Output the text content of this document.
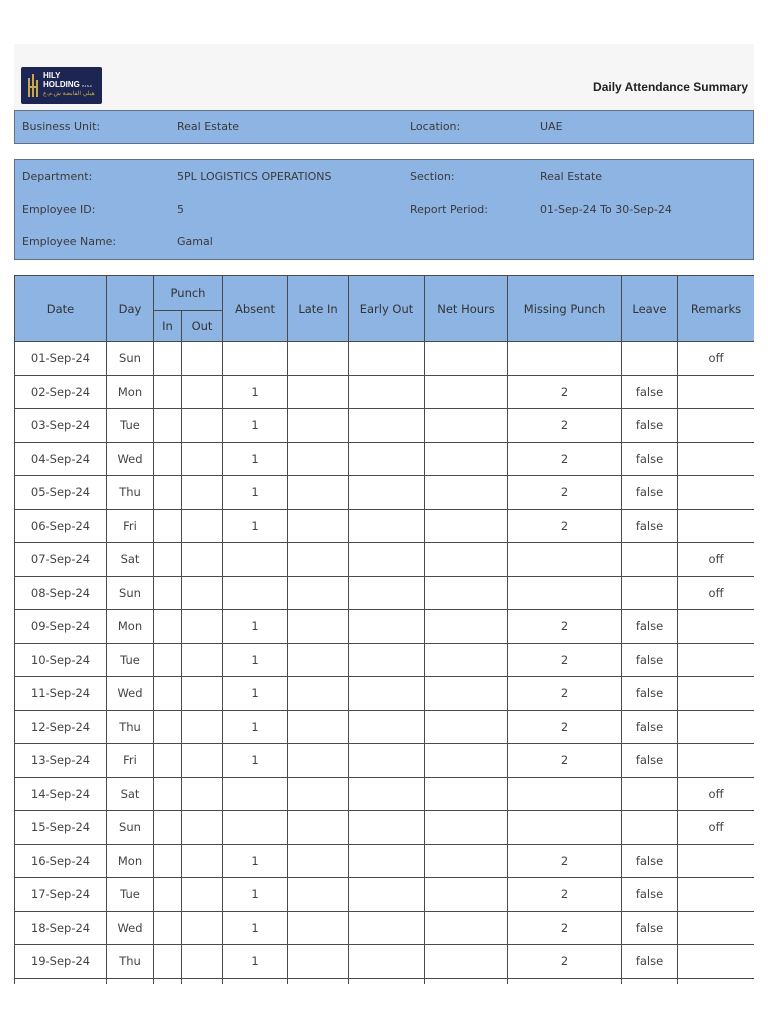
HILY
HOLDING P.J.S.C
هيلي القابضة ش.م.ع	Daily Attendance Summary
Business Unit:	Real Estate	Location:	UAE
Department:	5PL LOGISTICS OPERATIONS	Section:	Real Estate
Employee ID:	5	Report Period:	01-Sep-24 To 30-Sep-24
Employee Name:	Gamal
Date	Day	Punch		Absent	Late In	Early Out	Net Hours	Missing Punch	Leave	Remarks
		In	Out							
01-Sep-24	Sun									off
02-Sep-24	Mon			1				2	false	
03-Sep-24	Tue			1				2	false	
04-Sep-24	Wed			1				2	false	
05-Sep-24	Thu			1				2	false	
06-Sep-24	Fri			1				2	false	
07-Sep-24	Sat									off
08-Sep-24	Sun									off
09-Sep-24	Mon			1				2	false	
10-Sep-24	Tue			1				2	false	
11-Sep-24	Wed			1				2	false	
12-Sep-24	Thu			1				2	false	
13-Sep-24	Fri			1				2	false	
14-Sep-24	Sat									off
15-Sep-24	Sun									off
16-Sep-24	Mon			1				2	false	
17-Sep-24	Tue			1				2	false	
18-Sep-24	Wed			1				2	false	
19-Sep-24	Thu			1				2	false	
